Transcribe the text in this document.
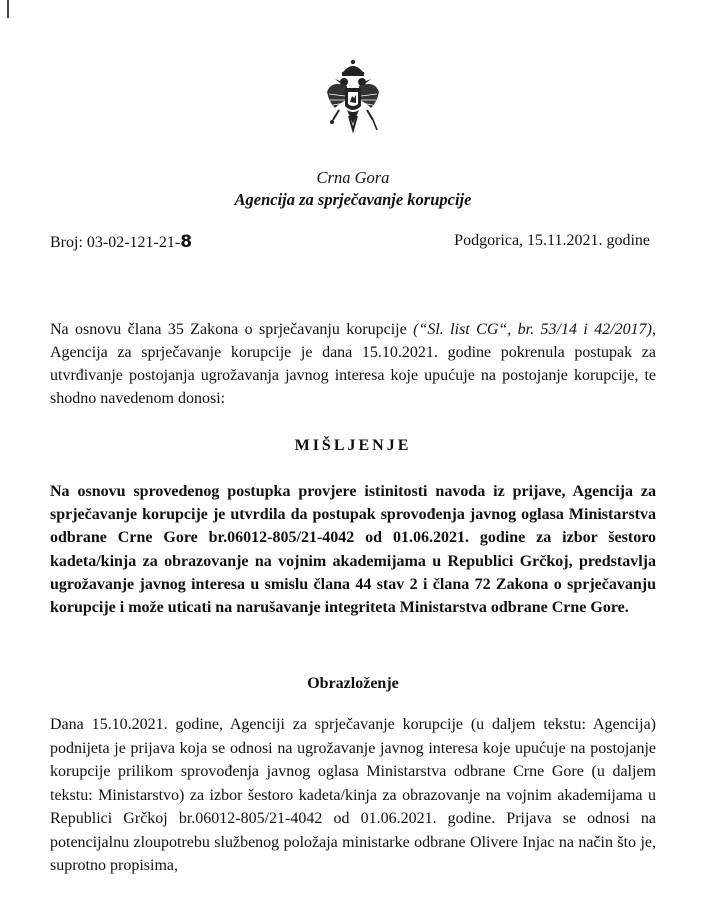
Crna Gora
Agencija za sprječavanje korupcije
Broj: 03-02-121-21-8	Podgorica, 15.11.2021. godine

Na osnovu člana 35 Zakona o sprječavanju korupcije (“Sl. list CG“, br. 53/14 i 42/2017), Agencija za sprječavanje korupcije je dana 15.10.2021. godine pokrenula postupak za utvrđivanje postojanja ugrožavanja javnog interesa koje upućuje na postojanje korupcije, te shodno navedenom donosi:

MIŠLJENJE

Na osnovu sprovedenog postupka provjere istinitosti navoda iz prijave, Agencija za sprječavanje korupcije je utvrdila da postupak sprovođenja javnog oglasa Ministarstva odbrane Crne Gore br.06012-805/21-4042 od 01.06.2021. godine za izbor šestoro kadeta/kinja za obrazovanje na vojnim akademijama u Republici Grčkoj, predstavlja ugrožavanje javnog interesa u smislu člana 44 stav 2 i člana 72 Zakona o sprječavanju korupcije i može uticati na narušavanje integriteta Ministarstva odbrane Crne Gore.

Obrazloženje

Dana 15.10.2021. godine, Agenciji za sprječavanje korupcije (u daljem tekstu: Agencija) podnijeta je prijava koja se odnosi na ugrožavanje javnog interesa koje upućuje na postojanje korupcije prilikom sprovođenja javnog oglasa Ministarstva odbrane Crne Gore (u daljem tekstu: Ministarstvo) za izbor šestoro kadeta/kinja za obrazovanje na vojnim akademijama u Republici Grčkoj br.06012-805/21-4042 od 01.06.2021. godine. Prijava se odnosi na potencijalnu zloupotrebu službenog položaja ministarke odbrane Olivere Injac na način što je, suprotno propisima,
